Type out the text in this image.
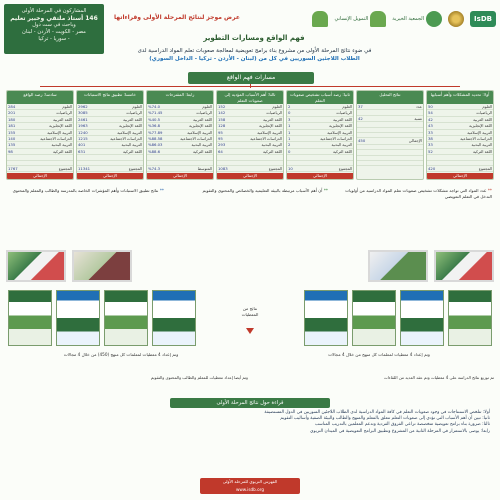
IsDB
الجمعية الخيرية
التمويل الإنساني
عرض موجز لنتائج المرحلة الأولى وقراءاتها
المشاركون في المرحلة الأولى
146 أستاذ ملتقي وخبير تعليم
وباحث في ست دول
مصر - الكويت - الأردن - لبنان
- سوريا - تركيا	فهم الواقع ومسارات التطوير
في ضوء نتائج المرحلة الأولى من مشروع بناء برامج تعويضية لمعالجة صعوبات تعلم المواد الدراسية لدى
الطلاب اللاجئين السوريين في كل من (لبنان - الأردن - تركيا - الداخل السوري)
مسارات فهم الواقع
أولا: تحديد المشكلات وأهم أسبابها
العلوم	50
الرياضيات	54
اللغة العربية	42
اللغة الإنجليزية	43
التربية الإسلامية	33
الدراسات الاجتماعية	38
التربية البدنية	33
اللغة التركية	52

المجموع	420
الإجمالي
نتائج التحليل
عدد	37

نسبة	42

الإجمالي	450

ثانيا: رصد أسباب تشخيص صعوبات التعلم
العلوم	2
الرياضيات	0
اللغة العربية	3
اللغة الإنجليزية	1
التربية الإسلامية	1
الدراسات الاجتماعية	1
التربية البدنية	2
اللغة التركية	0

المجموع	10
الإجمالي
ثالثا: أهم الأسباب المؤدية إلى صعوبات التعلم
العلوم	152
الرياضيات	142
اللغة العربية	158
اللغة الإنجليزية	128
التربية الإسلامية	95
الدراسات الاجتماعية	95
التربية البدنية	293
اللغة التركية	64

المجموع	1083
الإجمالي
رابعا: المقترحات
العلوم	%74.0
الرياضيات	%71.45
اللغة العربية	%40.5
اللغة الإنجليزية	%36.8
التربية الإسلامية	%77.89
الدراسات الاجتماعية	%88.58
التربية البدنية	%86.03
اللغة التركية	%88.6

المتوسط	%74.3
الإجمالي
خامسا: تطبيق نتائج الاستبانات
العلوم	2962
الرياضيات	3085
اللغة العربية	2461
اللغة الإنجليزية	1963
التربية الإسلامية	1240
الدراسات الاجتماعية	1215
التربية البدنية	401
اللغة التركية	631

المجموع	11341
الإجمالي
سادسا: رصد الواقع
العلوم	284
الرياضيات	201
اللغة العربية	180
اللغة الإنجليزية	181
التربية الإسلامية	155
الدراسات الاجتماعية	140
التربية البدنية	135
اللغة التركية	98

المجموع	1767
الإجمالي
** عدد المواد التي تواجه مشكلات تشخيص صعوبات تعلم المواد الدراسية من أولويات التدخل في التعلم التعويضي
** أن أهم الأسباب مرتبطة بالبيئة التعليمية والخصائص والمحتوى والتقويم
** نتائج تطبيق الاستبانات وأهم المؤشرات الخاصة بالمدرسة والطالب والمعلم والمحتوى
نتائج من
المعطيات
وتم إعداد 4 معطيات لمعلمات كل منهج (450) من خلال 4 مجالات	وتم إعداد 4 معطيات لمعلمات كل منهج من خلال 4 مجالات
تم توزيع نتائج الدراسة على 4 معطيات وتم عقد العديد من اللقاءات
وتم أيضا إعداد معطيات للمعلم والطالب والمحتوى والتقويم
قراءة حول نتائج المرحلة الأولى
أولا: تتلخص الاستنتاجات في وجود صعوبات التعلم في كافة المواد الدراسية لدى الطلاب اللاجئين السوريين في الدول المستضيفة
ثانيا: تبين أن أهم الأسباب التي تؤدي إلى صعوبات التعلم تتعلق بالمعلم والمنهج والطالب والبيئة الصفية وأساليب التقويم
ثالثا: ضرورة بناء برامج تعويضية متخصصة تراعي الفروق الفردية وتدعم المعلمين بالتدريب المناسب
رابعا: يوصى بالاستمرار في المرحلة الثانية من المشروع وتطبيق البرامج التعويضية في الميدان التربوي
الفهرس التربوي للمرحلة الأولى
www.isdb.org
